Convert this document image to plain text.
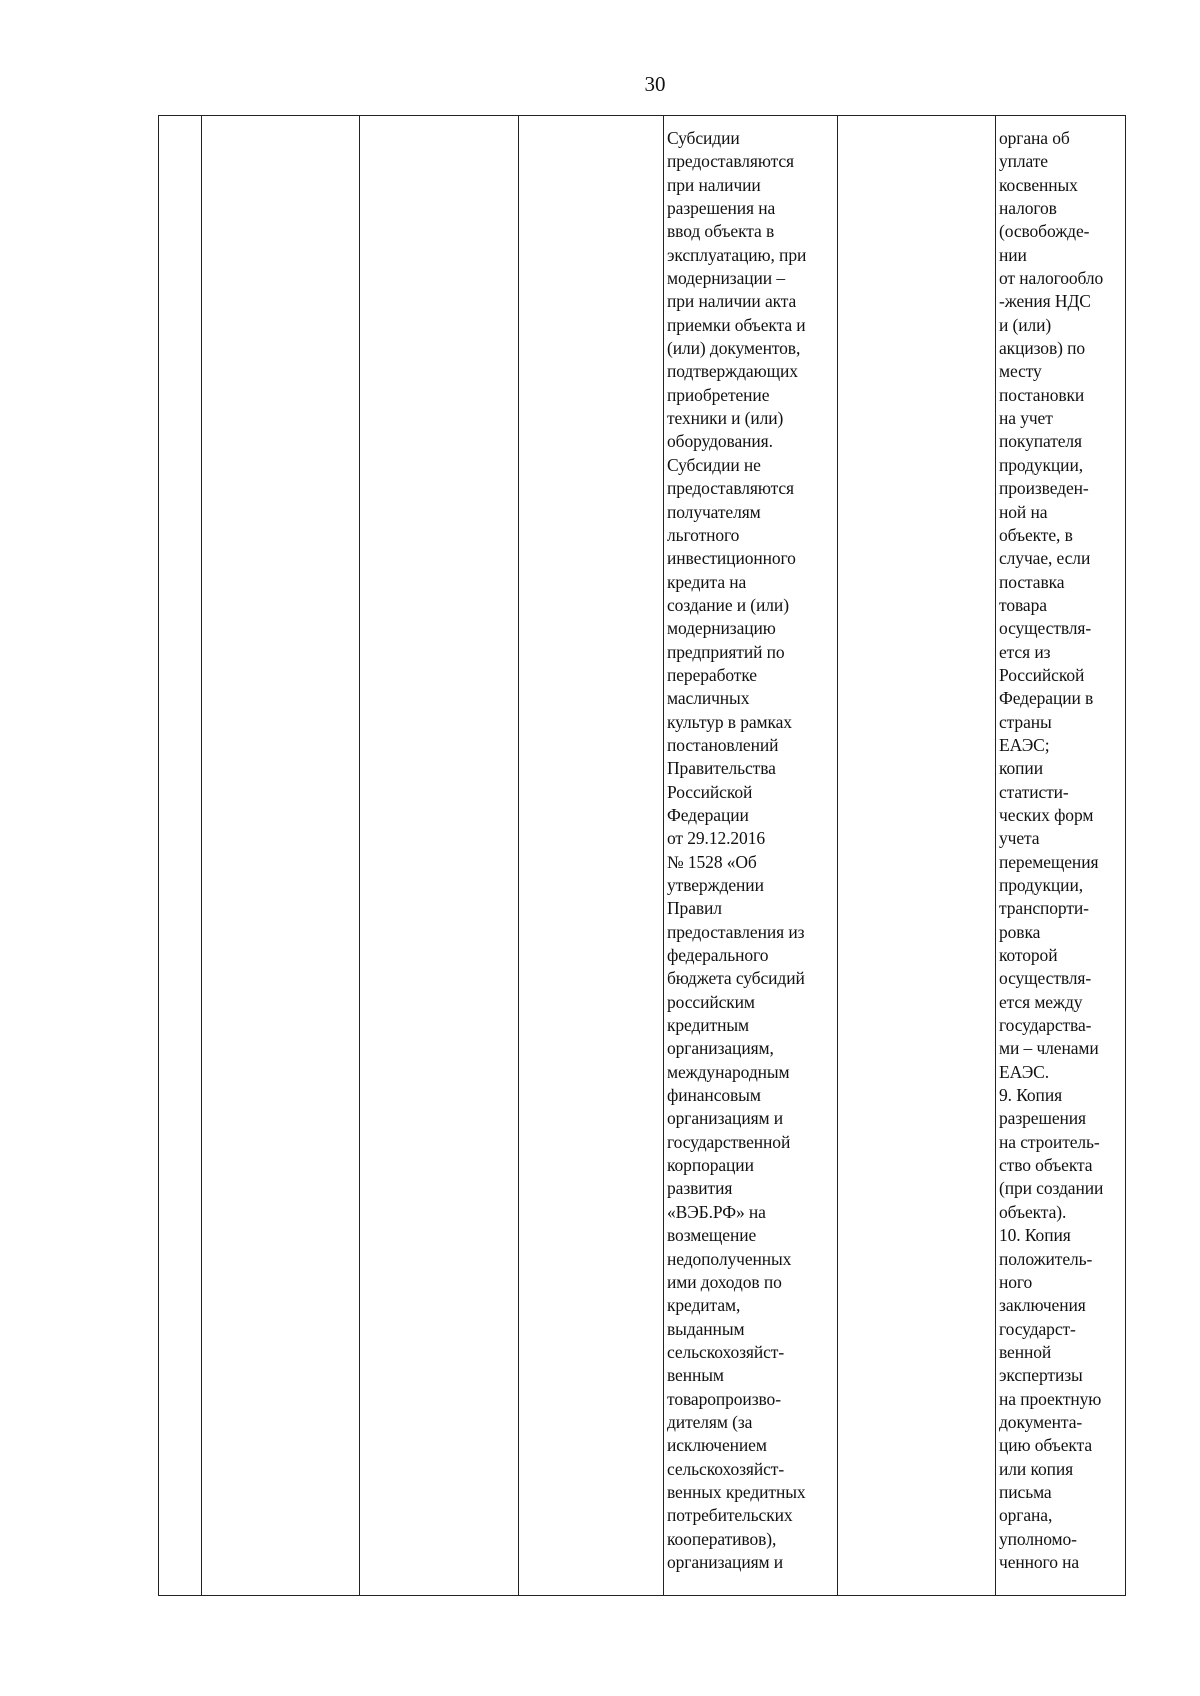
30

Субсидии
предоставляются
при наличии
разрешения на
ввод объекта в
эксплуатацию, при
модернизации –
при наличии акта
приемки объекта и
(или) документов,
подтверждающих
приобретение
техники и (или)
оборудования.
Субсидии не
предоставляются
получателям
льготного
инвестиционного
кредита на
создание и (или)
модернизацию
предприятий по
переработке
масличных
культур в рамках
постановлений
Правительства
Российской
Федерации
от 29.12.2016
№ 1528 «Об
утверждении
Правил
предоставления из
федерального
бюджета субсидий
российским
кредитным
организациям,
международным
финансовым
организациям и
государственной
корпорации
развития
«ВЭБ.РФ» на
возмещение
недополученных
ими доходов по
кредитам,
выданным
сельскохозяйст-
венным
товаропроизво-
дителям (за
исключением
сельскохозяйст-
венных кредитных
потребительских
кооперативов),
организациям и

органа об
уплате
косвенных
налогов
(освобожде-
нии
от налогообло
-жения НДС
и (или)
акцизов) по
месту
постановки
на учет
покупателя
продукции,
произведен-
ной на
объекте, в
случае, если
поставка
товара
осуществля-
ется из
Российской
Федерации в
страны
ЕАЭС;
копии
статисти-
ческих форм
учета
перемещения
продукции,
транспорти-
ровка
которой
осуществля-
ется между
государства-
ми – членами
ЕАЭС.
9. Копия
разрешения
на строитель-
ство объекта
(при создании
объекта).
10. Копия
положитель-
ного
заключения
государст-
венной
экспертизы
на проектную
документа-
цию объекта
или копия
письма
органа,
уполномо-
ченного на
